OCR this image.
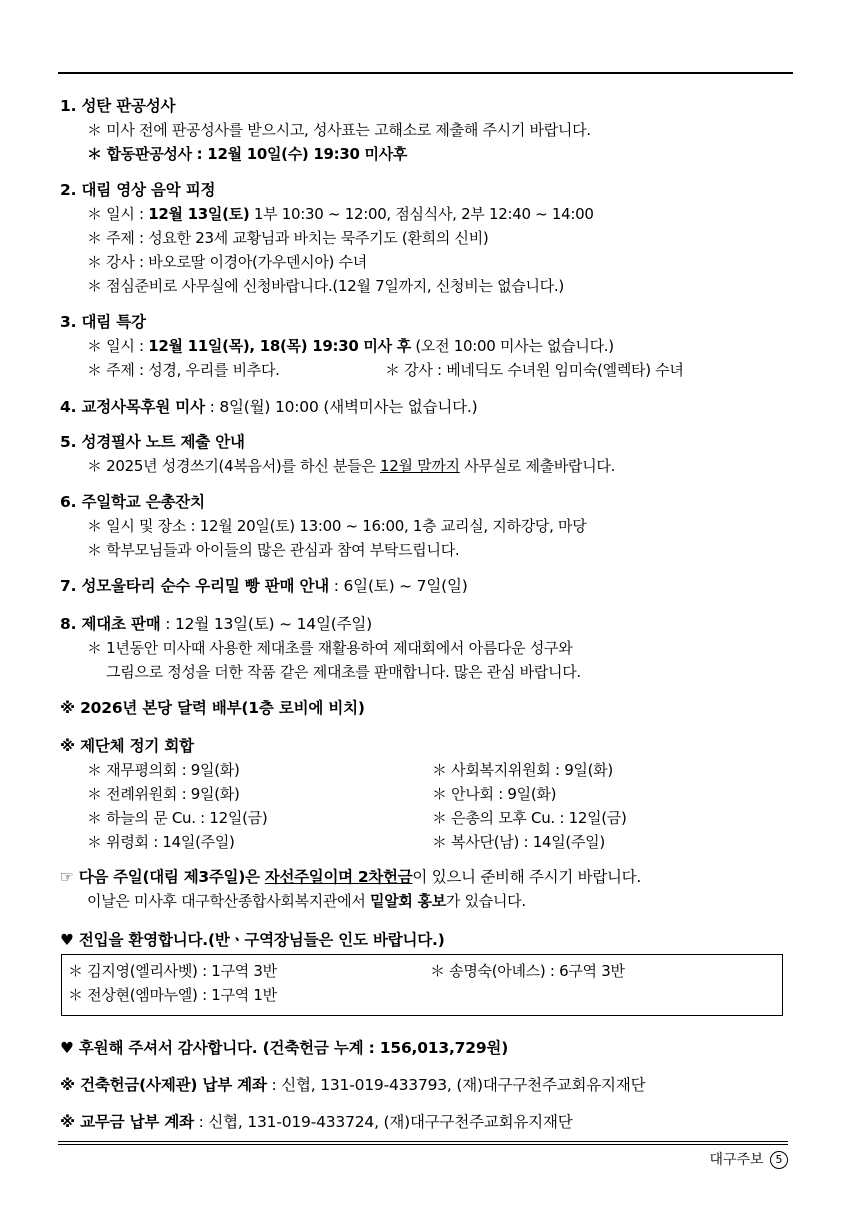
1. 성탄 판공성사
＊ 미사 전에 판공성사를 받으시고, 성사표는 고해소로 제출해 주시기 바랍니다.
＊ 합동판공성사 : 12월 10일(수) 19:30 미사후
2. 대림 영상 음악 피정
＊ 일시 : 12월 13일(토) 1부 10:30 ~ 12:00, 점심식사, 2부 12:40 ~ 14:00
＊ 주제 : 성요한 23세 교황님과 바치는 묵주기도 (환희의 신비)
＊ 강사 : 바오로딸 이경아(가우덴시아) 수녀
＊ 점심준비로 사무실에 신청바랍니다.(12월 7일까지, 신청비는 없습니다.)
3. 대림 특강
＊ 일시 : 12월 11일(목), 18(목) 19:30 미사 후 (오전 10:00 미사는 없습니다.)
＊ 주제 : 성경, 우리를 비추다.	＊ 강사 : 베네딕도 수녀원 임미숙(엘렉타) 수녀
4. 교정사목후원 미사 : 8일(월) 10:00 (새벽미사는 없습니다.)
5. 성경필사 노트 제출 안내
＊ 2025년 성경쓰기(4복음서)를 하신 분들은 12월 말까지 사무실로 제출바랍니다.
6. 주일학교 은총잔치
＊ 일시 및 장소 : 12월 20일(토) 13:00 ~ 16:00, 1층 교리실, 지하강당, 마당
＊ 학부모님들과 아이들의 많은 관심과 참여 부탁드립니다.
7. 성모울타리 순수 우리밀 빵 판매 안내 : 6일(토) ~ 7일(일)
8. 제대초 판매 : 12월 13일(토) ~ 14일(주일)
＊ 1년동안 미사때 사용한 제대초를 재활용하여 제대회에서 아름다운 성구와
그림으로 정성을 더한 작품 같은 제대초를 판매합니다. 많은 관심 바랍니다.
※ 2026년 본당 달력 배부(1층 로비에 비치)
※ 제단체 정기 회합
＊ 재무평의회 : 9일(화)	＊ 사회복지위원회 : 9일(화)
＊ 전례위원회 : 9일(화)	＊ 안나회 : 9일(화)
＊ 하늘의 문 Cu. : 12일(금)	＊ 은총의 모후 Cu. : 12일(금)
＊ 위령회 : 14일(주일)	＊ 복사단(남) : 14일(주일)
☞ 다음 주일(대림 제3주일)은 자선주일이며 2차헌금이 있으니 준비해 주시기 바랍니다.
이날은 미사후 대구학산종합사회복지관에서 밑알회 홍보가 있습니다.
♥ 전입을 환영합니다.(반ㆍ구역장님들은 인도 바랍니다.)
＊ 김지영(엘리사벳) : 1구역 3반	＊ 송명숙(아녜스) : 6구역 3반
＊ 전상현(엠마누엘) : 1구역 1반
♥ 후원해 주셔서 감사합니다. (건축헌금 누계 : 156,013,729원)
※ 건축헌금(사제관) 납부 계좌 : 신협, 131-019-433793, (재)대구구천주교회유지재단
※ 교무금 납부 계좌 : 신협, 131-019-433724, (재)대구구천주교회유지재단
대구주보 5
